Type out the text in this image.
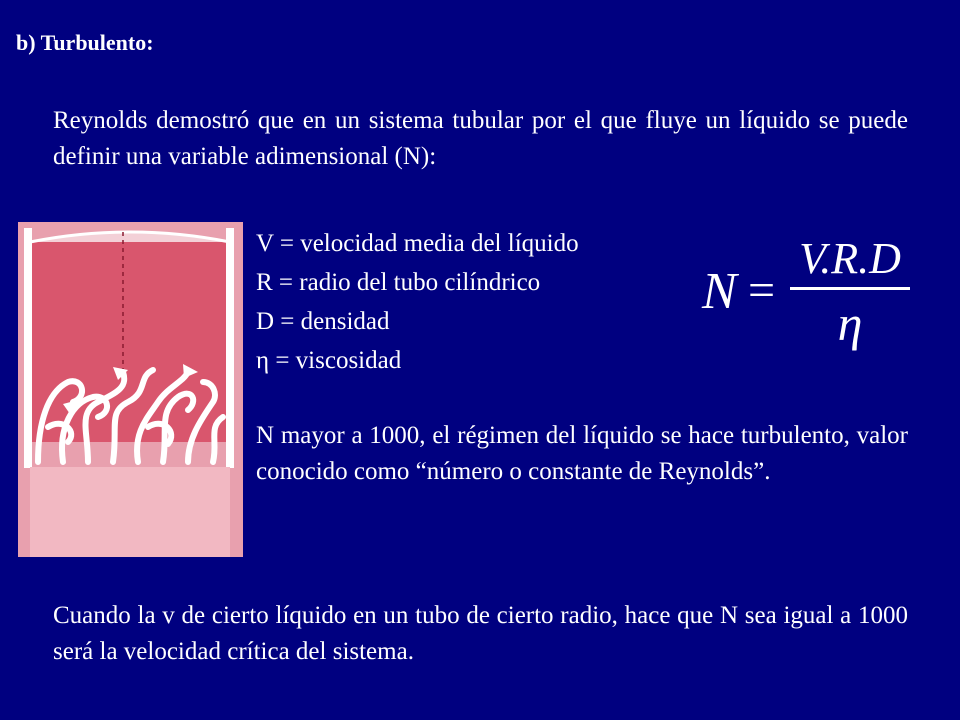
b) Turbulento:
Reynolds demostró que en un sistema tubular por el que fluye un líquido se puede definir una variable adimensional (N):
V = velocidad media del líquido
R = radio del tubo cilíndrico
D = densidad
η = viscosidad
N =
V.R.D
η
N mayor a 1000, el régimen del líquido se hace turbulento, valor conocido como “número o constante de Reynolds”.
Cuando la v de cierto líquido en un tubo de cierto radio, hace que N sea igual a 1000 será la velocidad crítica del sistema.
